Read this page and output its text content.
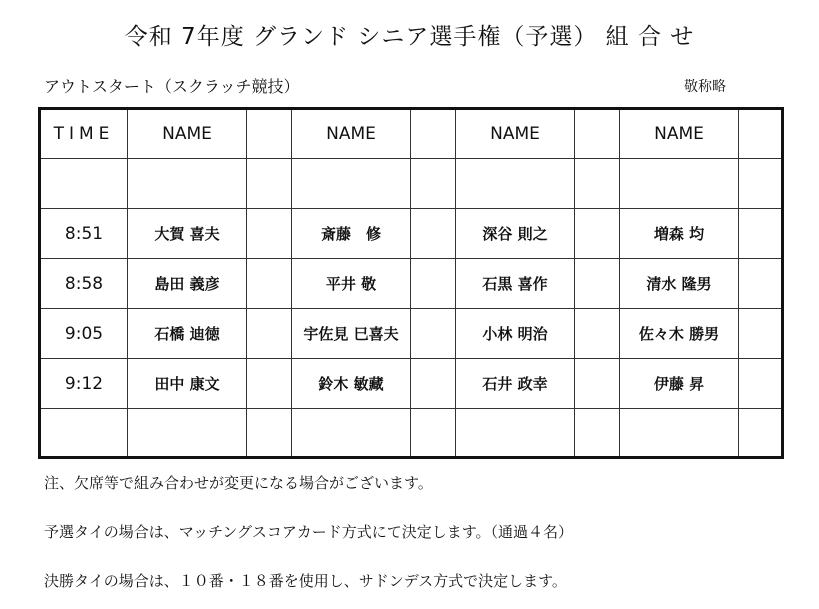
令和 7年度 グランド シニア選手権（予選） 組 合 せ
アウトスタート（スクラッチ競技）	敬称略
TIME	NAME		NAME		NAME		NAME	

8:51	大賀 喜夫		斎藤　修		深谷 則之		増森 均	
8:58	島田 義彦		平井 敬		石黒 喜作		清水 隆男	
9:05	石橋 迪徳		宇佐見 巳喜夫		小林 明治		佐々木 勝男	
9:12	田中 康文		鈴木 敏藏		石井 政幸		伊藤 昇	

注、欠席等で組み合わせが変更になる場合がございます。
予選タイの場合は、マッチングスコアカード方式にて決定します。（通過４名）
決勝タイの場合は、１０番・１８番を使用し、サドンデス方式で決定します。
